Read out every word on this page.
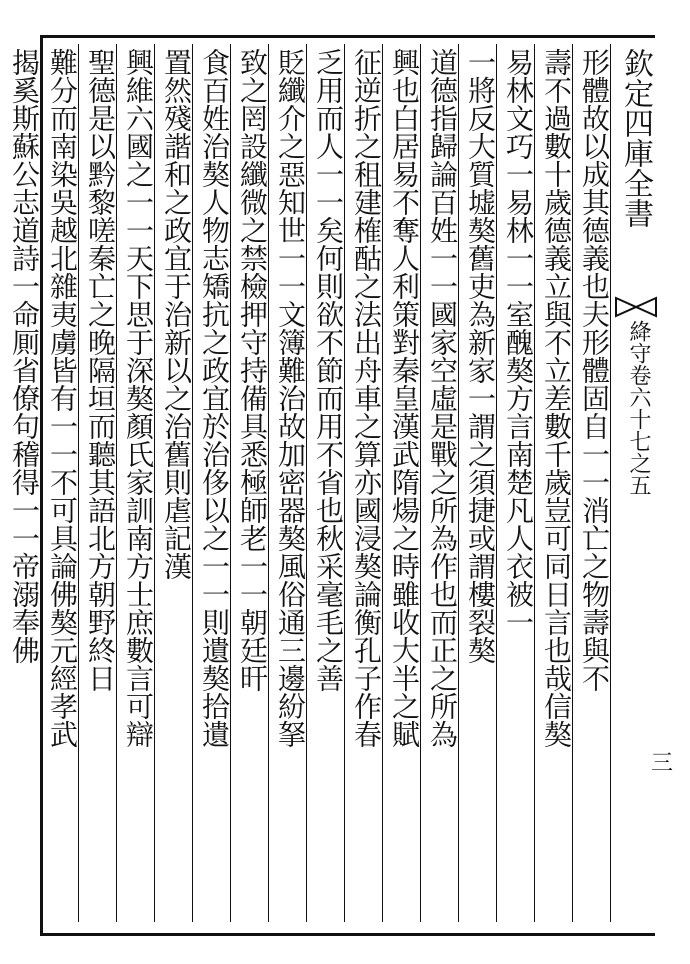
欽定四庫全書
絳守卷六十七之五
三
形體故以成其德義也夫形體固自一一消亡之物壽與不
壽不過數十歲德義立與不立差數千歲豈可同日言也哉信獒
易林文巧一易林一一室醜獒方言南楚凡人衣被一
一將反大質墟獒舊吏為新家一謂之須捷或謂樓裂獒
道德指歸論百姓一一國家空虛是戰之所為作也而正之所為
興也白居易不奪人利策對秦皇漢武隋煬之時雖收大半之賦
征逆折之租建榷酤之法出舟車之算亦國浸獒論衡孔子作春
乏用而人一一矣何則欲不節而用不省也秋采毫毛之善
貶纖介之惡知世一一文簿難治故加密器獒風俗通三邊紛拏
致之罔設纖微之禁檢押守持備具悉極師老一一朝廷旰
食百姓治獒人物志矯抗之政宜於治侈以之一一則遺獒拾遺
置然殘諧和之政宜于治新以之治舊則虐記漢
興維六國之一一天下思于深獒顏氏家訓南方士庶數言可辯
聖德是以黔黎嗟秦亡之晚隔垣而聽其語北方朝野終日
難分而南染吳越北雜夷虜皆有一一不可具論佛獒元經孝武
揭奚斯蘇公志道詩一命厠省僚句稽得一一帝溺奉佛
